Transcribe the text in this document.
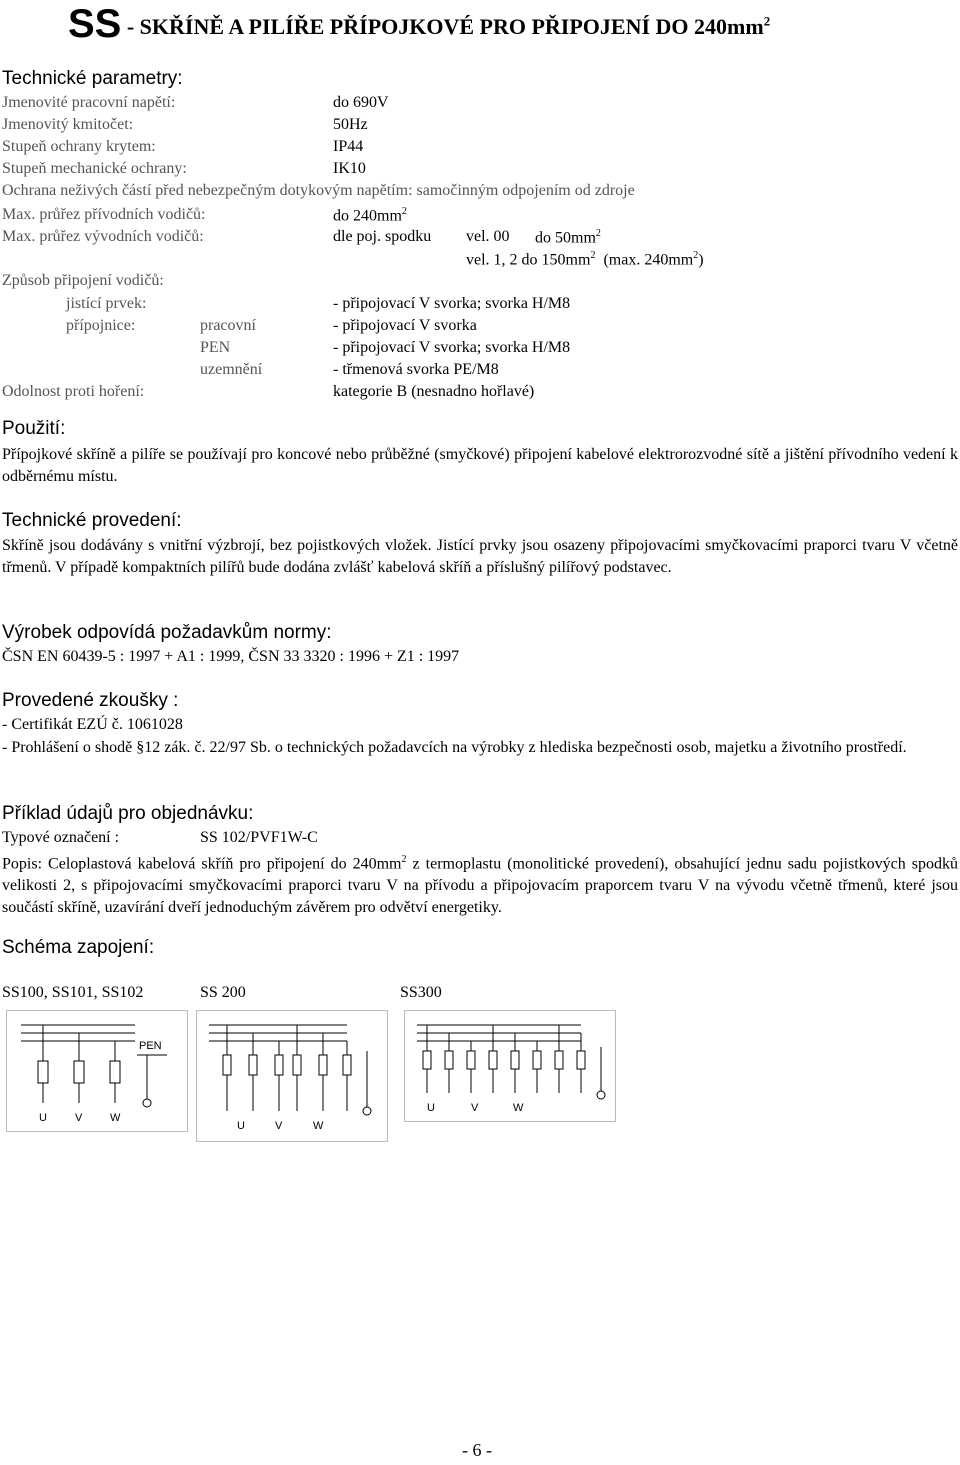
SS - SKŘÍNĚ A PILÍŘE PŘÍPOJKOVÉ PRO PŘIPOJENÍ DO $240mm^2$
Technické parametry:
Jmenovité pracovní napětí:	do 690V
Jmenovitý kmitočet:	50Hz
Stupeň ochrany krytem:	IP44
Stupeň mechanické ochrany:	IK10
Ochrana neživých částí před nebezpečným dotykovým napětím: samočinným odpojením od zdroje
Max. průřez přívodních vodičů:	do $240mm^2$
Max. průřez vývodních vodičů:	dle poj. spodku vel. 00 do $50mm^2$
vel. 1, 2 do $150mm^2$ (max. $240mm^2$)
Způsob připojení vodičů:
jistící prvek:	- připojovací V svorka; svorka H/M8
přípojnice:	pracovní	- připojovací V svorka
PEN	- připojovací V svorka; svorka H/M8
uzemnění	- třmenová svorka PE/M8
Odolnost proti hoření:	kategorie B (nesnadno hořlavé)
Použití:
Přípojkové skříně a pilíře se používají pro koncové nebo průběžné (smyčkové) připojení kabelové elektrorozvodné sítě a jištění přívodního vedení k odběrnému místu.
Technické provedení:
Skříně jsou dodávány s vnitřní výzbrojí, bez pojistkových vložek. Jistící prvky jsou osazeny připojovacími smyčkovacími praporci tvaru V včetně třmenů. V případě kompaktních pilířů bude dodána zvlášť kabelová skříň a příslušný pilířový podstavec.
Výrobek odpovídá požadavkům normy:
ČSN EN 60439-5 : 1997 + A1 : 1999, ČSN 33 3320 : 1996 + Z1 : 1997
Provedené zkoušky :
- Certifikát EZÚ č. 1061028
- Prohlášení o shodě §12 zák. č. 22/97 Sb. o technických požadavcích na výrobky z hlediska bezpečnosti osob, majetku a životního prostředí.
Příklad údajů pro objednávku:
Typové označení :	SS 102/PVF1W-C
Popis: Celoplastová kabelová skříň pro připojení do $240mm^2$ z termoplastu (monolitické provedení), obsahující jednu sadu pojistkových spodků velikosti 2, s připojovacími smyčkovacími praporci tvaru V na přívodu a připojovacím praporcem tvaru V na vývodu včetně třmenů, které jsou součástí skříně, uzavírání dveří jednoduchým závěrem pro odvětví energetiky.
Schéma zapojení:
SS100, SS101, SS102	SS 200	SS300
PEN
U	V	W
U	V	W
U	V	W
- 6 -
